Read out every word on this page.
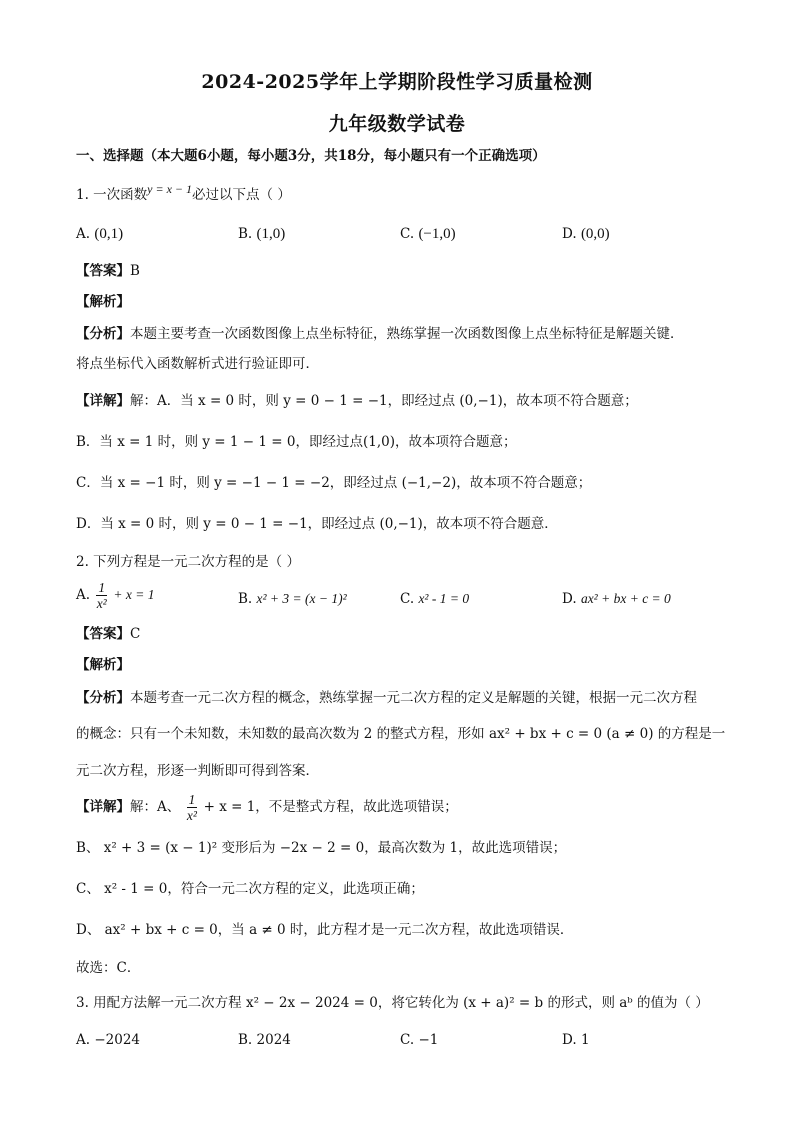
2024-2025学年上学期阶段性学习质量检测
九年级数学试卷
一、选择题（本大题6小题，每小题3分，共18分，每小题只有一个正确选项）
1. 一次函数y = x − 1必过以下点（ ）
A. (0,1)	B. (1,0)	C. (−1,0)	D. (0,0)
【答案】B
【解析】
【分析】本题主要考查一次函数图像上点坐标特征，熟练掌握一次函数图像上点坐标特征是解题关键．
将点坐标代入函数解析式进行验证即可．
【详解】解：A．当 x = 0 时，则 y = 0 − 1 = −1，即经过点 (0,−1)，故本项不符合题意；
B．当 x = 1 时，则 y = 1 − 1 = 0，即经过点(1,0)，故本项符合题意；
C．当 x = −1 时，则 y = −1 − 1 = −2，即经过点 (−1,−2)，故本项不符合题意；
D．当 x = 0 时，则 y = 0 − 1 = −1，即经过点 (0,−1)，故本项不符合题意．
2. 下列方程是一元二次方程的是（ ）
A. $\frac{1}{\text{x²}} + x = 1$	B. x² + 3 = (x − 1)²	C. x² - 1 = 0	D. ax² + bx + c = 0
【答案】C
【解析】
【分析】本题考查一元二次方程的概念，熟练掌握一元二次方程的定义是解题的关键，根据一元二次方程
的概念：只有一个未知数，未知数的最高次数为 2 的整式方程，形如 ax² + bx + c = 0 (a ≠ 0) 的方程是一
元二次方程，形逐一判断即可得到答案．
【详解】解：A、 $\frac{1}{\text{x²}} + x = 1$，不是整式方程，故此选项错误；
B、 x² + 3 = (x − 1)² 变形后为 −2x − 2 = 0，最高次数为 1，故此选项错误；
C、 x² - 1 = 0，符合一元二次方程的定义，此选项正确；
D、 ax² + bx + c = 0，当 a ≠ 0 时，此方程才是一元二次方程，故此选项错误．
故选：C．
3. 用配方法解一元二次方程 x² − 2x − 2024 = 0，将它转化为 (x + a)² = b 的形式，则 aᵇ 的值为（ ）
A. −2024	B. 2024	C. −1	D. 1
